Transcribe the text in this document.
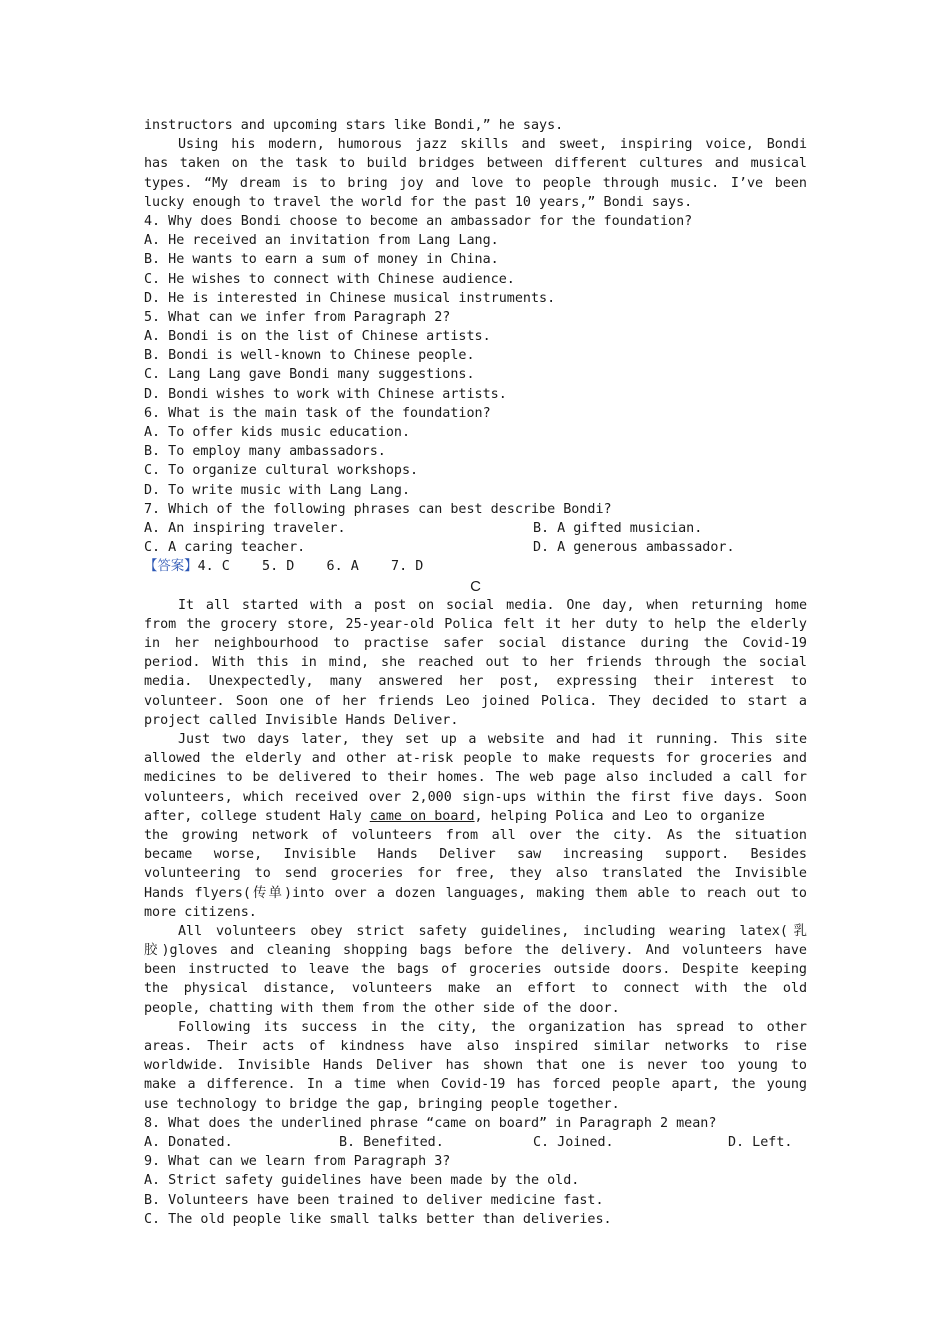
instructors and upcoming stars like Bondi,” he says.
Using his modern, humorous jazz skills and sweet, inspiring voice, Bondi
has taken on the task to build bridges between different cultures and musical
types. “My dream is to bring joy and love to people through music. I’ve been
lucky enough to travel the world for the past 10 years,” Bondi says.
4. Why does Bondi choose to become an ambassador for the foundation?
A. He received an invitation from Lang Lang.
B. He wants to earn a sum of money in China.
C. He wishes to connect with Chinese audience.
D. He is interested in Chinese musical instruments.
5. What can we infer from Paragraph 2?
A. Bondi is on the list of Chinese artists.
B. Bondi is well-known to Chinese people.
C. Lang Lang gave Bondi many suggestions.
D. Bondi wishes to work with Chinese artists.
6. What is the main task of the foundation?
A. To offer kids music education.
B. To employ many ambassadors.
C. To organize cultural workshops.
D. To write music with Lang Lang.
7. Which of the following phrases can best describe Bondi?
A. An inspiring traveler.	B. A gifted musician.
C. A caring teacher.	D. A generous ambassador.
【答案】4. C    5. D    6. A    7. D
C
It all started with a post on social media. One day, when returning home
from the grocery store, 25-year-old Polica felt it her duty to help the elderly
in her neighbourhood to practise safer social distance during the Covid-19
period. With this in mind, she reached out to her friends through the social
media. Unexpectedly, many answered her post, expressing their interest to
volunteer. Soon one of her friends Leo joined Polica. They decided to start a
project called Invisible Hands Deliver.
Just two days later, they set up a website and had it running. This site
allowed the elderly and other at-risk people to make requests for groceries and
medicines to be delivered to their homes. The web page also included a call for
volunteers, which received over 2,000 sign-ups within the first five days. Soon
after, college student Haly came on board, helping Polica and Leo to organize
the growing network of volunteers from all over the city. As the situation
became worse, Invisible Hands Deliver saw increasing support. Besides
volunteering to send groceries for free, they also translated the Invisible
Hands flyers(传单)into over a dozen languages, making them able to reach out to
more citizens.
All volunteers obey strict safety guidelines, including wearing latex(乳
胶)gloves and cleaning shopping bags before the delivery. And volunteers have
been instructed to leave the bags of groceries outside doors. Despite keeping
the physical distance, volunteers make an effort to connect with the old
people, chatting with them from the other side of the door.
Following its success in the city, the organization has spread to other
areas. Their acts of kindness have also inspired similar networks to rise
worldwide. Invisible Hands Deliver has shown that one is never too young to
make a difference. In a time when Covid-19 has forced people apart, the young
use technology to bridge the gap, bringing people together.
8. What does the underlined phrase “came on board” in Paragraph 2 mean?
A. Donated.	B. Benefited.	C. Joined.	D. Left.
9. What can we learn from Paragraph 3?
A. Strict safety guidelines have been made by the old.
B. Volunteers have been trained to deliver medicine fast.
C. The old people like small talks better than deliveries.
